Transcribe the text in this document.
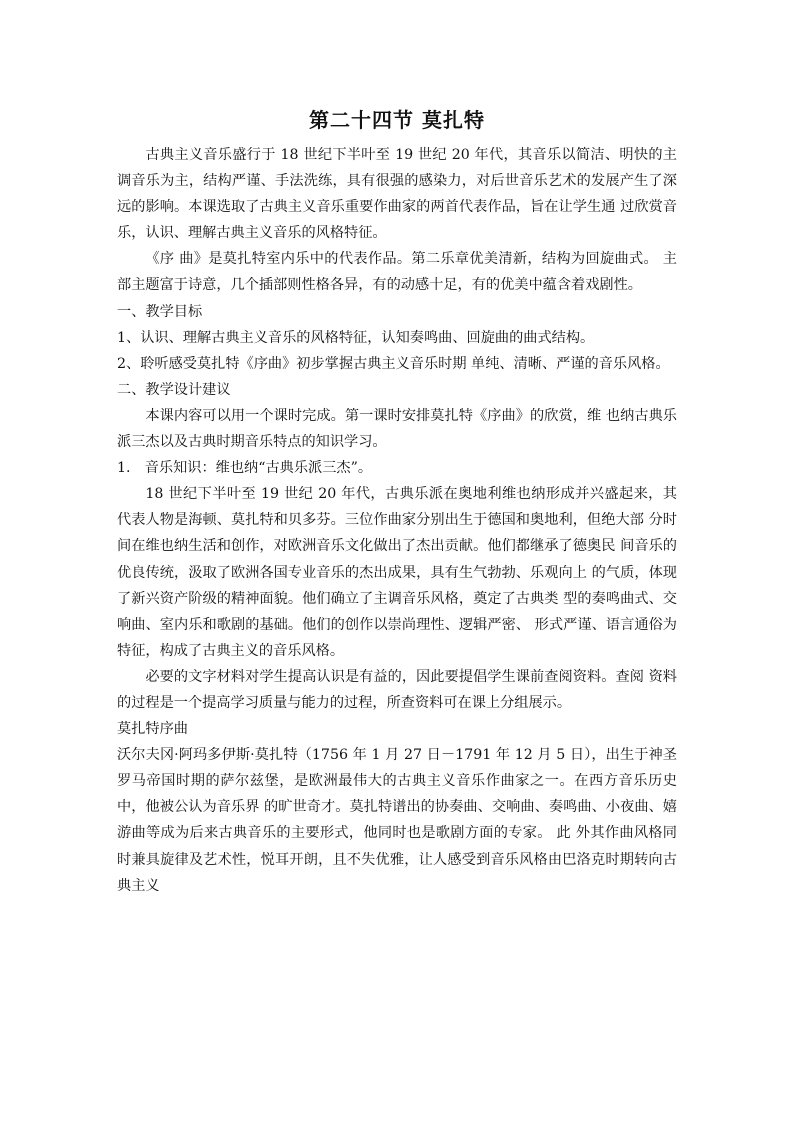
第二十四节 莫扎特

古典主义音乐盛行于 18 世纪下半叶至 19 世纪 20 年代，其音乐以简洁、明快的主调音乐为主，结构严谨、手法洗练，具有很强的感染力，对后世音乐艺术的发展产生了深远的影响。本课选取了古典主义音乐重要作曲家的两首代表作品，旨在让学生通 过欣赏音乐，认识、理解古典主义音乐的风格特征。

《序 曲》是莫扎特室内乐中的代表作品。第二乐章优美清新，结构为回旋曲式。 主部主题富于诗意，几个插部则性格各异，有的动感十足，有的优美中蕴含着戏剧性。

一、教学目标

1、认识、理解古典主义音乐的风格特征，认知奏鸣曲、回旋曲的曲式结构。

2、聆听感受莫扎特《序曲》初步掌握古典主义音乐时期 单纯、清晰、严谨的音乐风格。

二、教学设计建议

本课内容可以用一个课时完成。第一课时安排莫扎特《序曲》的欣赏，维 也纳古典乐派三杰以及古典时期音乐特点的知识学习。

1.　音乐知识：维也纳“古典乐派三杰”。

18 世纪下半叶至 19 世纪 20 年代，古典乐派在奥地利维也纳形成并兴盛起来，其 代表人物是海顿、莫扎特和贝多芬。三位作曲家分别出生于德国和奥地利，但绝大部 分时间在维也纳生活和创作，对欧洲音乐文化做出了杰出贡献。他们都继承了德奥民 间音乐的优良传统，汲取了欧洲各国专业音乐的杰出成果，具有生气勃勃、乐观向上 的气质，体现了新兴资产阶级的精神面貌。他们确立了主调音乐风格，奠定了古典类 型的奏鸣曲式、交响曲、室内乐和歌剧的基础。他们的创作以崇尚理性、逻辑严密、 形式严谨、语言通俗为特征，构成了古典主义的音乐风格。

必要的文字材料对学生提高认识是有益的，因此要提倡学生课前查阅资料。查阅 资料的过程是一个提高学习质量与能力的过程，所查资料可在课上分组展示。

莫扎特序曲

沃尔夫冈·阿玛多伊斯·莫扎特（1756 年 1 月 27 日－1791 年 12 月 5 日），出生于神圣罗马帝国时期的萨尔兹堡，是欧洲最伟大的古典主义音乐作曲家之一。在西方音乐历史中，他被公认为音乐界 的旷世奇才。莫扎特谱出的协奏曲、交响曲、奏鸣曲、小夜曲、嬉游曲等成为后来古典音乐的主要形式，他同时也是歌剧方面的专家。 此 外其作曲风格同时兼具旋律及艺术性，悦耳开朗，且不失优雅，让人感受到音乐风格由巴洛克时期转向古典主义
